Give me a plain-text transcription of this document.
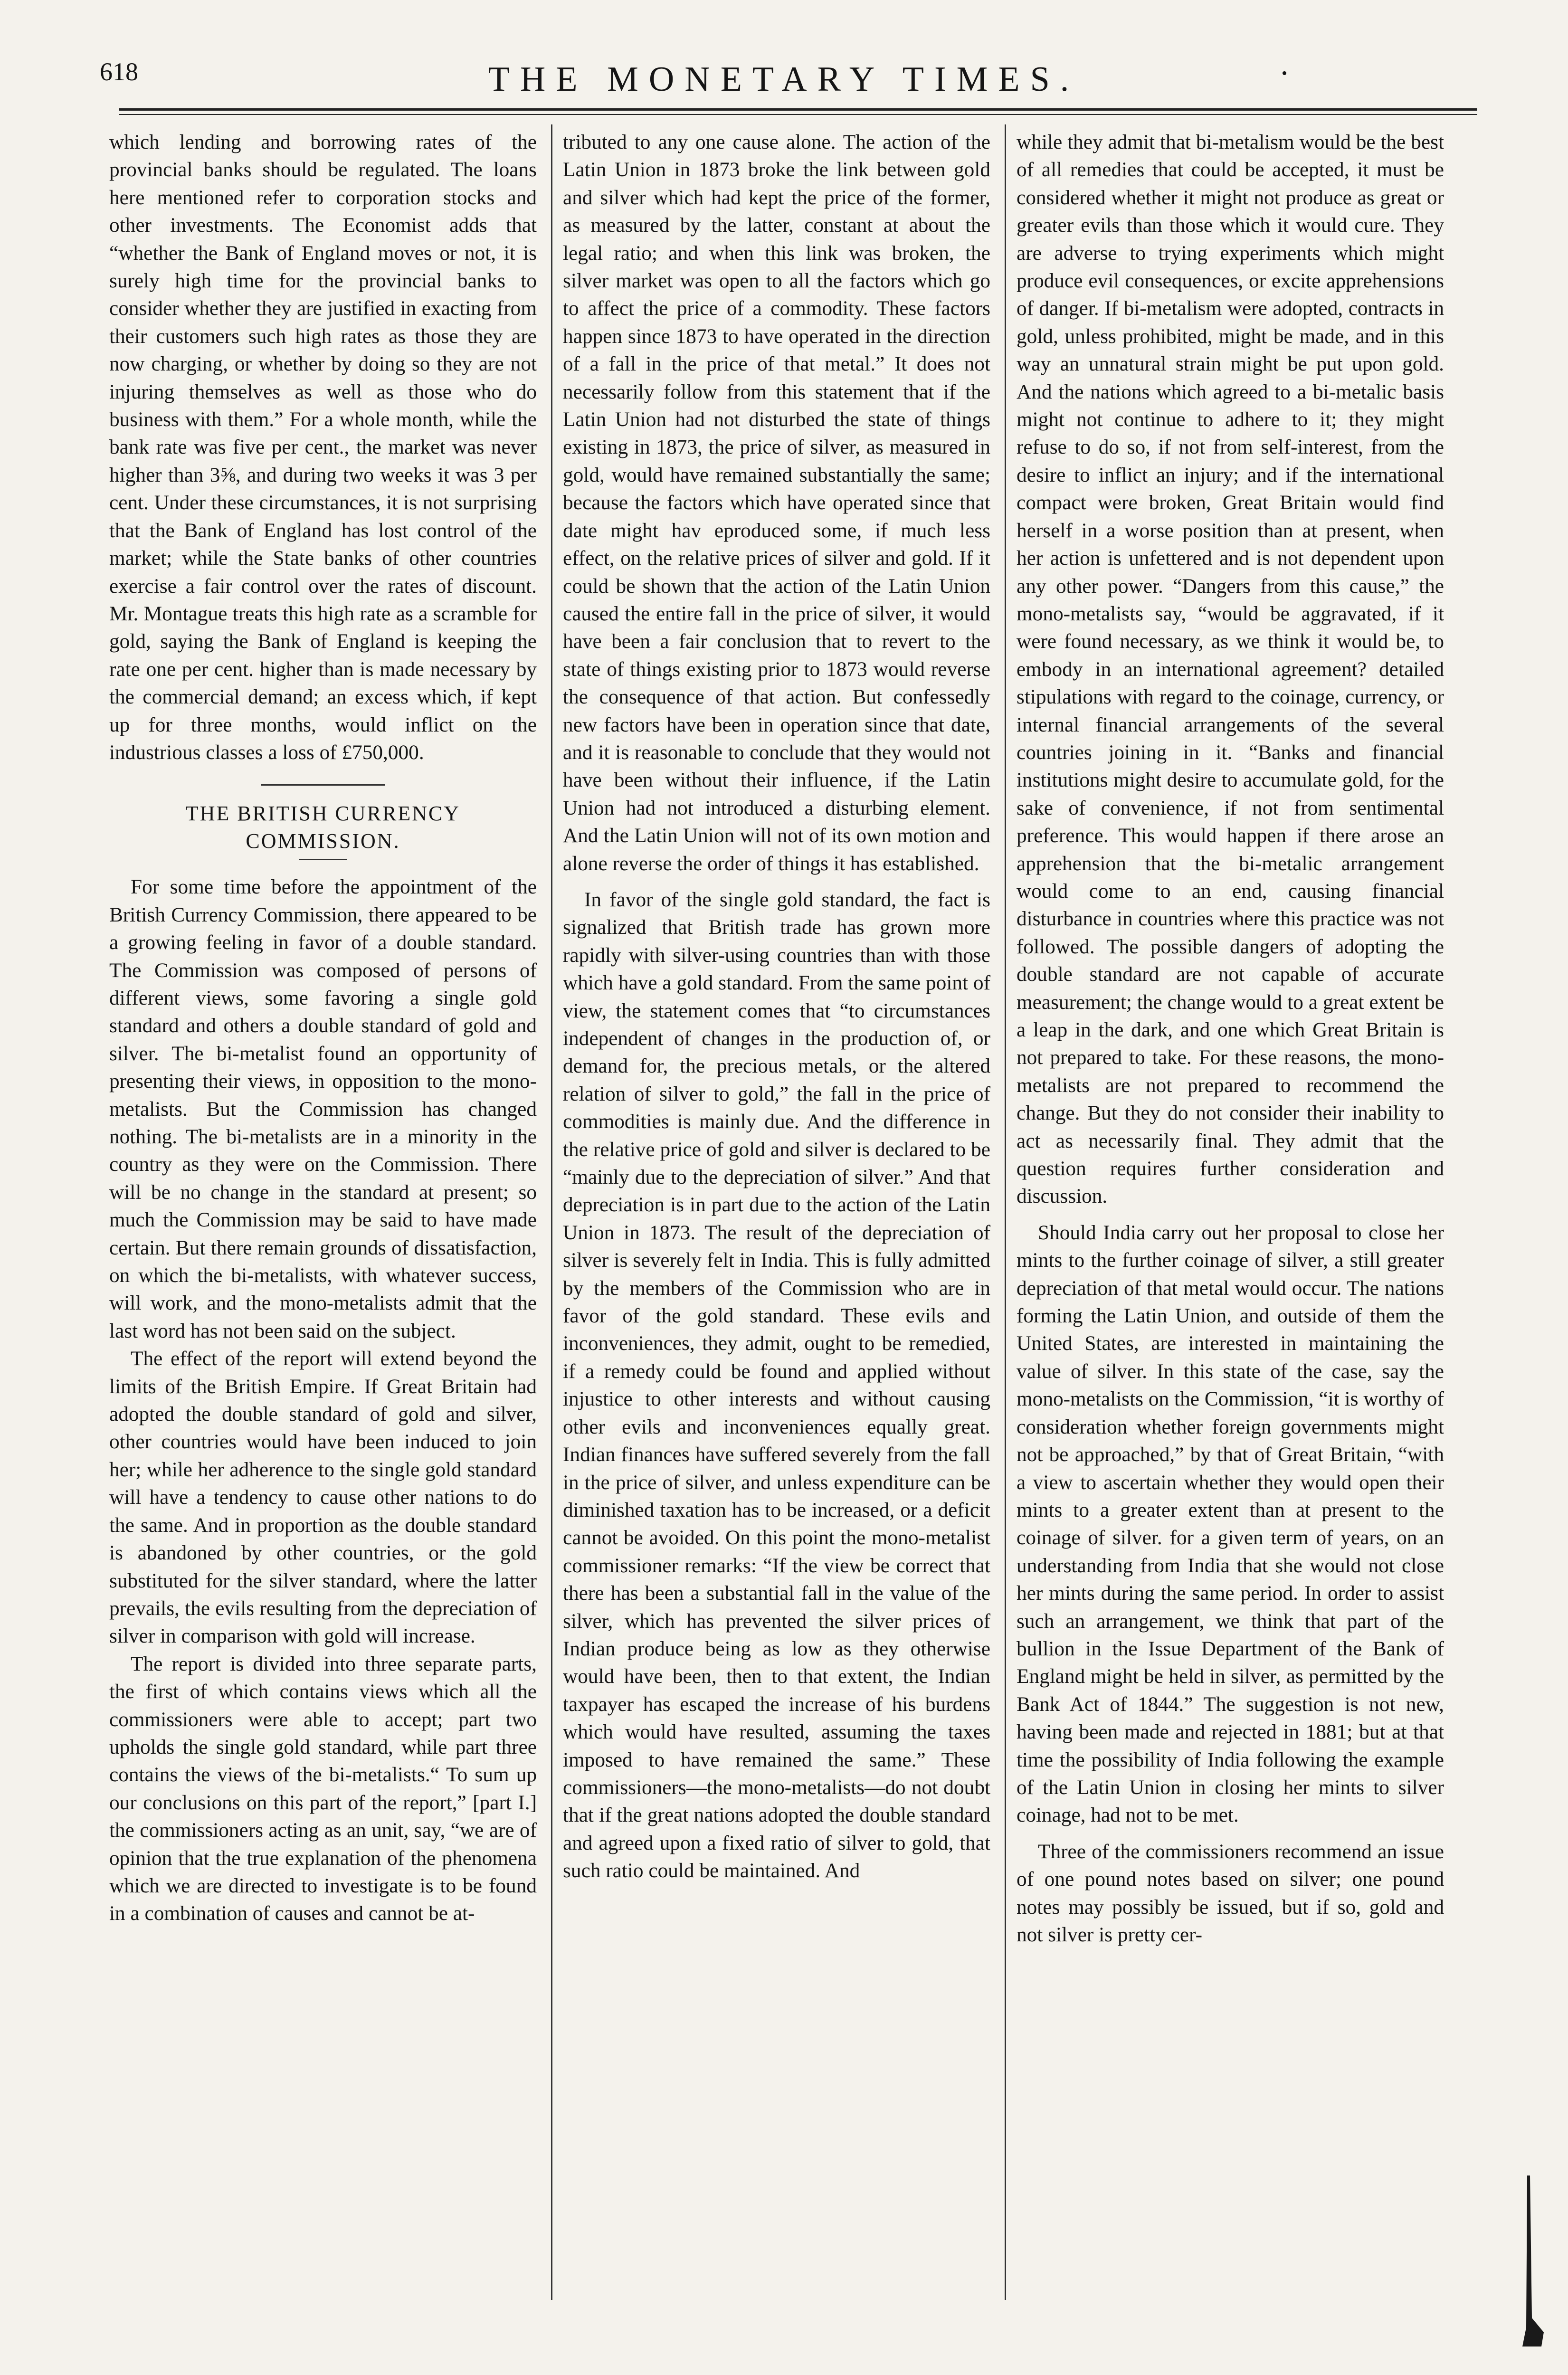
618	THE MONETARY TIMES.

which lending and borrowing rates of the provincial banks should be regulated. The loans here mentioned refer to corporation stocks and other investments. The Economist adds that “whether the Bank of England moves or not, it is surely high time for the provincial banks to consider whether they are justified in exacting from their customers such high rates as those they are now charging, or whether by doing so they are not injuring themselves as well as those who do business with them.” For a whole month, while the bank rate was five per cent., the market was never higher than 3⅝, and during two weeks it was 3 per cent. Under these circumstances, it is not surprising that the Bank of England has lost control of the market; while the State banks of other countries exercise a fair control over the rates of discount. Mr. Montague treats this high rate as a scramble for gold, saying the Bank of England is keeping the rate one per cent. higher than is made necessary by the commercial demand; an excess which, if kept up for three months, would inflict on the industrious classes a loss of £750,000.

THE BRITISH CURRENCY COMMISSION.

For some time before the appointment of the British Currency Commission, there appeared to be a growing feeling in favor of a double standard. The Commission was composed of persons of different views, some favoring a single gold standard and others a double standard of gold and silver. The bi-metalist found an opportunity of presenting their views, in opposition to the mono-metalists. But the Commission has changed nothing. The bi-metalists are in a minority in the country as they were on the Commission. There will be no change in the standard at present; so much the Commission may be said to have made certain. But there remain grounds of dissatisfaction, on which the bi-metalists, with whatever success, will work, and the mono-metalists admit that the last word has not been said on the subject.

The effect of the report will extend beyond the limits of the British Empire. If Great Britain had adopted the double standard of gold and silver, other countries would have been induced to join her; while her adherence to the single gold standard will have a tendency to cause other nations to do the same. And in proportion as the double standard is abandoned by other countries, or the gold substituted for the silver standard, where the latter prevails, the evils resulting from the depreciation of silver in comparison with gold will increase.

The report is divided into three separate parts, the first of which contains views which all the commissioners were able to accept; part two upholds the single gold standard, while part three contains the views of the bi-metalists.“ To sum up our conclusions on this part of the report,” [part I.] the commissioners acting as an unit, say, “we are of opinion that the true explanation of the phenomena which we are directed to investigate is to be found in a combination of causes and cannot be at-

tributed to any one cause alone. The action of the Latin Union in 1873 broke the link between gold and silver which had kept the price of the former, as measured by the latter, constant at about the legal ratio; and when this link was broken, the silver market was open to all the factors which go to affect the price of a commodity. These factors happen since 1873 to have operated in the direction of a fall in the price of that metal.” It does not necessarily follow from this statement that if the Latin Union had not disturbed the state of things existing in 1873, the price of silver, as measured in gold, would have remained substantially the same; because the factors which have operated since that date might hav eproduced some, if much less effect, on the relative prices of silver and gold. If it could be shown that the action of the Latin Union caused the entire fall in the price of silver, it would have been a fair conclusion that to revert to the state of things existing prior to 1873 would reverse the consequence of that action. But confessedly new factors have been in operation since that date, and it is reasonable to conclude that they would not have been without their influence, if the Latin Union had not introduced a disturbing element. And the Latin Union will not of its own motion and alone reverse the order of things it has established.

In favor of the single gold standard, the fact is signalized that British trade has grown more rapidly with silver-using countries than with those which have a gold standard. From the same point of view, the statement comes that “to circumstances independent of changes in the production of, or demand for, the precious metals, or the altered relation of silver to gold,” the fall in the price of commodities is mainly due. And the difference in the relative price of gold and silver is declared to be “mainly due to the depreciation of silver.” And that depreciation is in part due to the action of the Latin Union in 1873. The result of the depreciation of silver is severely felt in India. This is fully admitted by the members of the Commission who are in favor of the gold standard. These evils and inconveniences, they admit, ought to be remedied, if a remedy could be found and applied without injustice to other interests and without causing other evils and inconveniences equally great. Indian finances have suffered severely from the fall in the price of silver, and unless expenditure can be diminished taxation has to be increased, or a deficit cannot be avoided. On this point the mono-metalist commissioner remarks: “If the view be correct that there has been a substantial fall in the value of the silver, which has prevented the silver prices of Indian produce being as low as they otherwise would have been, then to that extent, the Indian taxpayer has escaped the increase of his burdens which would have resulted, assuming the taxes imposed to have remained the same.” These commissioners—the mono-metalists—do not doubt that if the great nations adopted the double standard and agreed upon a fixed ratio of silver to gold, that such ratio could be maintained. And

while they admit that bi-metalism would be the best of all remedies that could be accepted, it must be considered whether it might not produce as great or greater evils than those which it would cure. They are adverse to trying experiments which might produce evil consequences, or excite apprehensions of danger. If bi-metalism were adopted, contracts in gold, unless prohibited, might be made, and in this way an unnatural strain might be put upon gold. And the nations which agreed to a bi-metalic basis might not continue to adhere to it; they might refuse to do so, if not from self-interest, from the desire to inflict an injury; and if the international compact were broken, Great Britain would find herself in a worse position than at present, when her action is unfettered and is not dependent upon any other power. “Dangers from this cause,” the mono-metalists say, “would be aggravated, if it were found necessary, as we think it would be, to embody in an international agreement? detailed stipulations with regard to the coinage, currency, or internal financial arrangements of the several countries joining in it. “Banks and financial institutions might desire to accumulate gold, for the sake of convenience, if not from sentimental preference. This would happen if there arose an apprehension that the bi-metalic arrangement would come to an end, causing financial disturbance in countries where this practice was not followed. The possible dangers of adopting the double standard are not capable of accurate measurement; the change would to a great extent be a leap in the dark, and one which Great Britain is not prepared to take. For these reasons, the mono-metalists are not prepared to recommend the change. But they do not consider their inability to act as necessarily final. They admit that the question requires further consideration and discussion.

Should India carry out her proposal to close her mints to the further coinage of silver, a still greater depreciation of that metal would occur. The nations forming the Latin Union, and outside of them the United States, are interested in maintaining the value of silver. In this state of the case, say the mono-metalists on the Commission, “it is worthy of consideration whether foreign governments might not be approached,” by that of Great Britain, “with a view to ascertain whether they would open their mints to a greater extent than at present to the coinage of silver. for a given term of years, on an understanding from India that she would not close her mints during the same period. In order to assist such an arrangement, we think that part of the bullion in the Issue Department of the Bank of England might be held in silver, as permitted by the Bank Act of 1844.” The suggestion is not new, having been made and rejected in 1881; but at that time the possibility of India following the example of the Latin Union in closing her mints to silver coinage, had not to be met.

Three of the commissioners recommend an issue of one pound notes based on silver; one pound notes may possibly be issued, but if so, gold and not silver is pretty cer-
